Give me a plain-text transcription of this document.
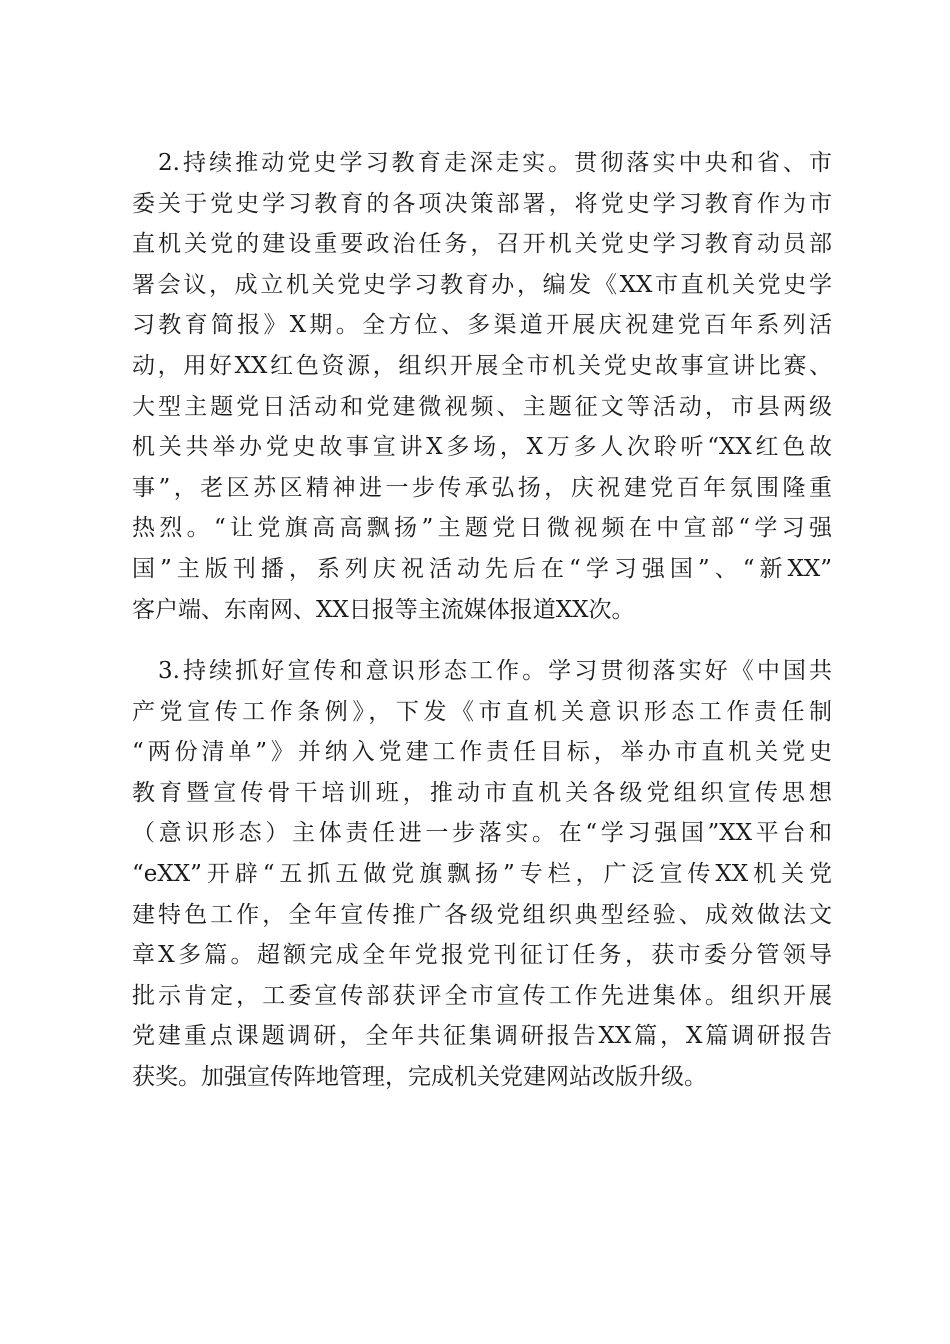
2.持续推动党史学习教育走深走实。贯彻落实中央和省、市
委关于党史学习教育的各项决策部署，将党史学习教育作为市
直机关党的建设重要政治任务，召开机关党史学习教育动员部
署会议，成立机关党史学习教育办，编发《XX市直机关党史学
习教育简报》X期。全方位、多渠道开展庆祝建党百年系列活
动，用好XX红色资源，组织开展全市机关党史故事宣讲比赛、
大型主题党日活动和党建微视频、主题征文等活动，市县两级
机关共举办党史故事宣讲X多场，X万多人次聆听“XX红色故
事”，老区苏区精神进一步传承弘扬，庆祝建党百年氛围隆重
热烈。“让党旗高高飘扬”主题党日微视频在中宣部“学习强
国”主版刊播，系列庆祝活动先后在“学习强国”、“新XX”
客户端、东南网、XX日报等主流媒体报道XX次。
3.持续抓好宣传和意识形态工作。学习贯彻落实好《中国共
产党宣传工作条例》，下发《市直机关意识形态工作责任制
“两份清单”》并纳入党建工作责任目标，举办市直机关党史
教育暨宣传骨干培训班，推动市直机关各级党组织宣传思想
（意识形态）主体责任进一步落实。在“学习强国”XX平台和
“eXX”开辟“五抓五做党旗飘扬”专栏，广泛宣传XX机关党
建特色工作，全年宣传推广各级党组织典型经验、成效做法文
章X多篇。超额完成全年党报党刊征订任务，获市委分管领导
批示肯定，工委宣传部获评全市宣传工作先进集体。组织开展
党建重点课题调研，全年共征集调研报告XX篇，X篇调研报告
获奖。加强宣传阵地管理，完成机关党建网站改版升级。
